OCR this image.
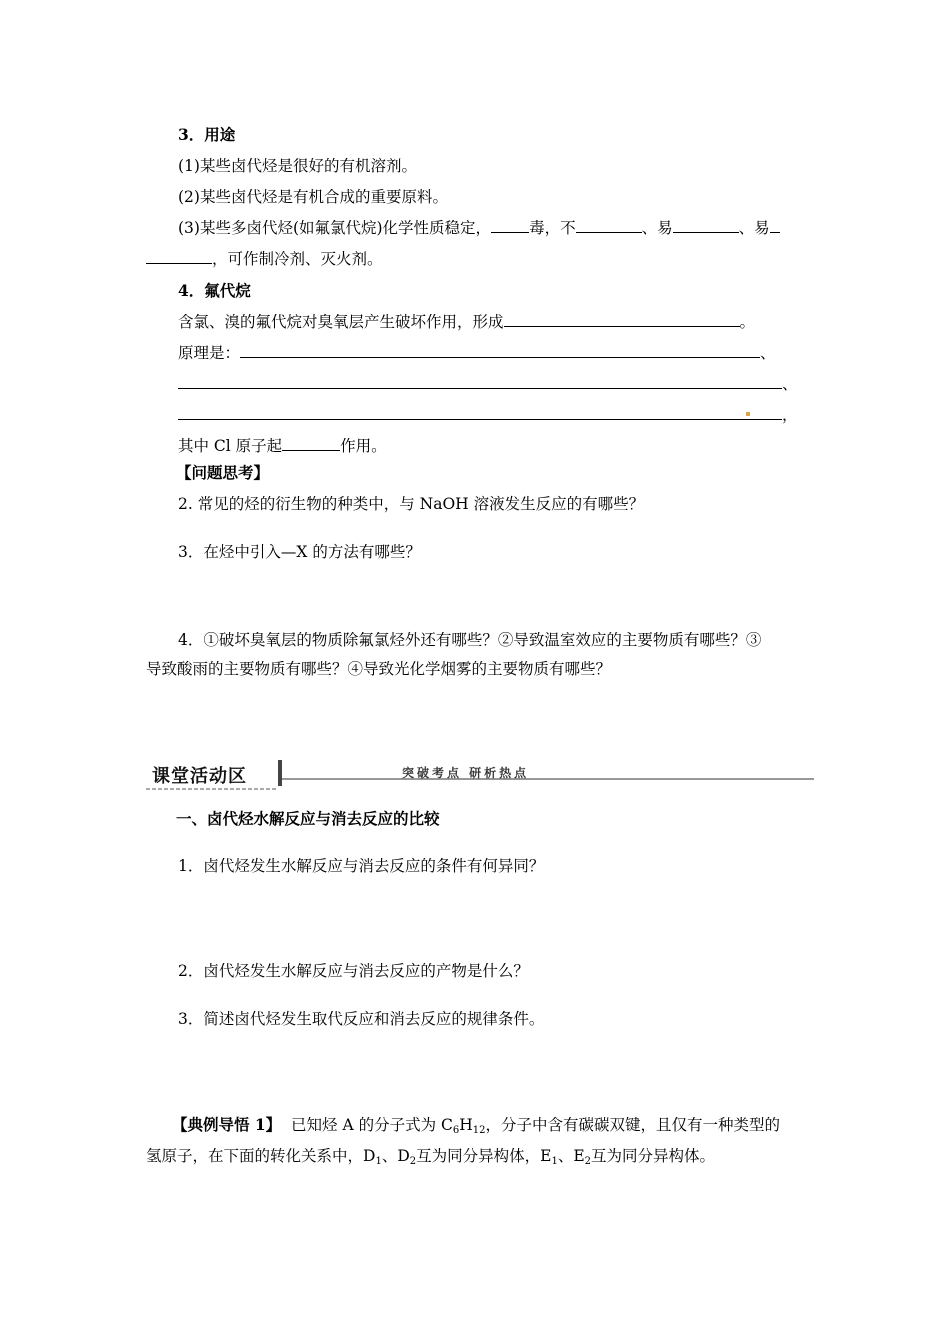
3．用途
(1)某些卤代烃是很好的有机溶剂。
(2)某些卤代烃是有机合成的重要原料。
(3)某些多卤代烃(如氟氯代烷)化学性质稳定， 毒，不	、易	、易
，可作制冷剂、灭火剂。
4．氟代烷
含氯、溴的氟代烷对臭氧层产生破坏作用，形成	。
原理是：	、
、
，
其中 Cl 原子起	作用。
【问题思考】
2. 常见的烃的衍生物的种类中，与 NaOH 溶液发生反应的有哪些？
3．在烃中引入—X 的方法有哪些？
4．①破坏臭氧层的物质除氟氯烃外还有哪些？②导致温室效应的主要物质有哪些？③
导致酸雨的主要物质有哪些？④导致光化学烟雾的主要物质有哪些？
课堂活动区	突破考点 研析热点
一、卤代烃水解反应与消去反应的比较
1．卤代烃发生水解反应与消去反应的条件有何异同？
2．卤代烃发生水解反应与消去反应的产物是什么？
3．简述卤代烃发生取代反应和消去反应的规律条件。
【典例导悟 1】 已知烃 A 的分子式为 $C_6H_{12}$，分子中含有碳碳双键，且仅有一种类型的
氢原子，在下面的转化关系中，$D_1$、$D_2$互为同分异构体，$E_1$、$E_2$互为同分异构体。
